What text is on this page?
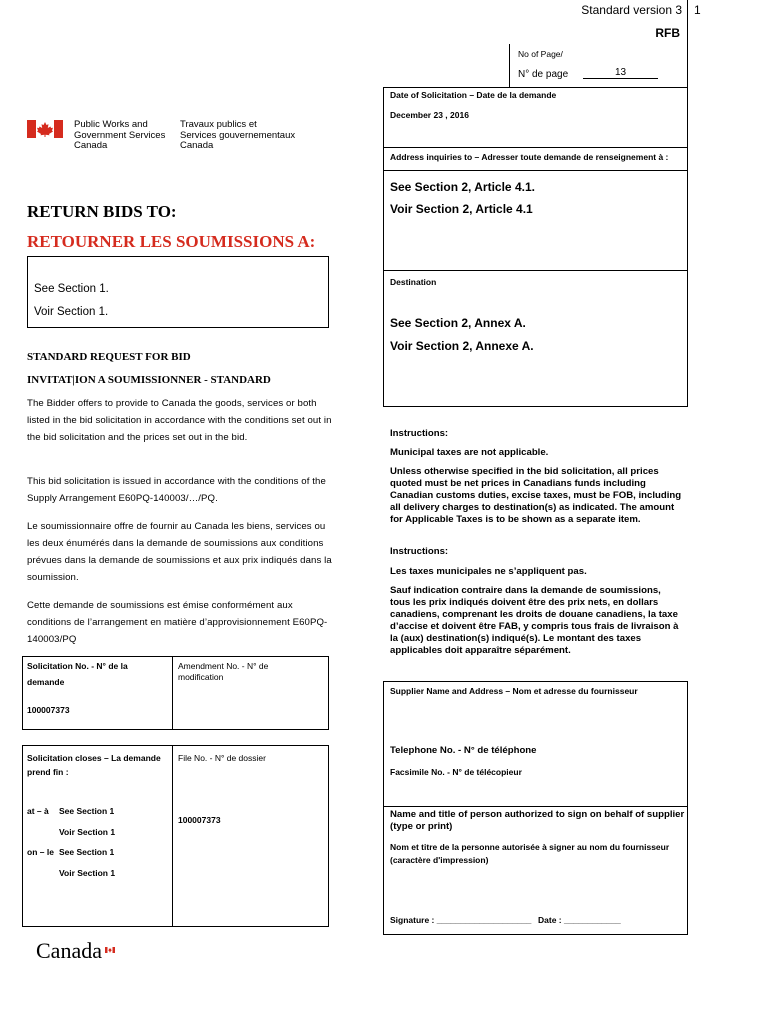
Standard version 3 1
RFB
No of Page/
N° de page	13
Date of Solicitation – Date de la demande
December 23 , 2016
Address inquiries to – Adresser toute demande de renseignement à :
See Section 2, Article 4.1.
Voir Section 2, Article 4.1
Destination
See Section 2, Annex A.
Voir Section 2, Annexe A.
Public Works and
Government Services
Canada
Travaux publics et
Services gouvernementaux
Canada
RETURN BIDS TO:
RETOURNER LES SOUMISSIONS A:
See Section 1.
Voir Section 1.
STANDARD REQUEST FOR BID
INVITAT|ION A SOUMISSIONNER - STANDARD
The Bidder offers to provide to Canada the goods, services or both listed in the bid solicitation in accordance with the conditions set out in the bid solicitation and the prices set out in the bid.
This bid solicitation is issued in accordance with the conditions of the Supply Arrangement E60PQ-140003/…/PQ.
Le soumissionnaire offre de fournir au Canada les biens, services ou les deux énumérés dans la demande de soumissions aux conditions prévues dans la demande de soumissions et aux prix indiqués dans la soumission.
Cette demande de soumissions est émise conformément aux conditions de l’arrangement en matière d’approvisionnement E60PQ-140003/PQ
Instructions:
Municipal taxes are not applicable.
Unless otherwise specified in the bid solicitation, all prices quoted must be net prices in Canadians funds including Canadian customs duties, excise taxes, must be FOB, including all delivery charges to destination(s) as indicated. The amount for Applicable Taxes is to be shown as a separate item.
Instructions:
Les taxes municipales ne s’appliquent pas.
Sauf indication contraire dans la demande de soumissions, tous les prix indiqués doivent être des prix nets, en dollars canadiens, comprenant les droits de douane canadiens, la taxe d’accise et doivent être FAB, y compris tous frais de livraison à la (aux) destination(s) indiqué(s). Le montant des taxes applicables doit apparaître séparément.
Solicitation No. - N° de la
demande
100007373
Amendment No. - N° de
modification
Solicitation closes – La demande
prend fin :
at – à See Section 1
Voir Section 1
on – le See Section 1
Voir Section 1
File No. - N° de dossier
100007373
Supplier Name and Address – Nom et adresse du fournisseur
Telephone No. - N° de téléphone
Facsimile No. - N° de télécopieur
Name and title of person authorized to sign on behalf of supplier (type or print)
Nom et titre de la personne autorisée à signer au nom du fournisseur (caractère d'impression)
Signature : ____________________ Date : ____________
Canada
